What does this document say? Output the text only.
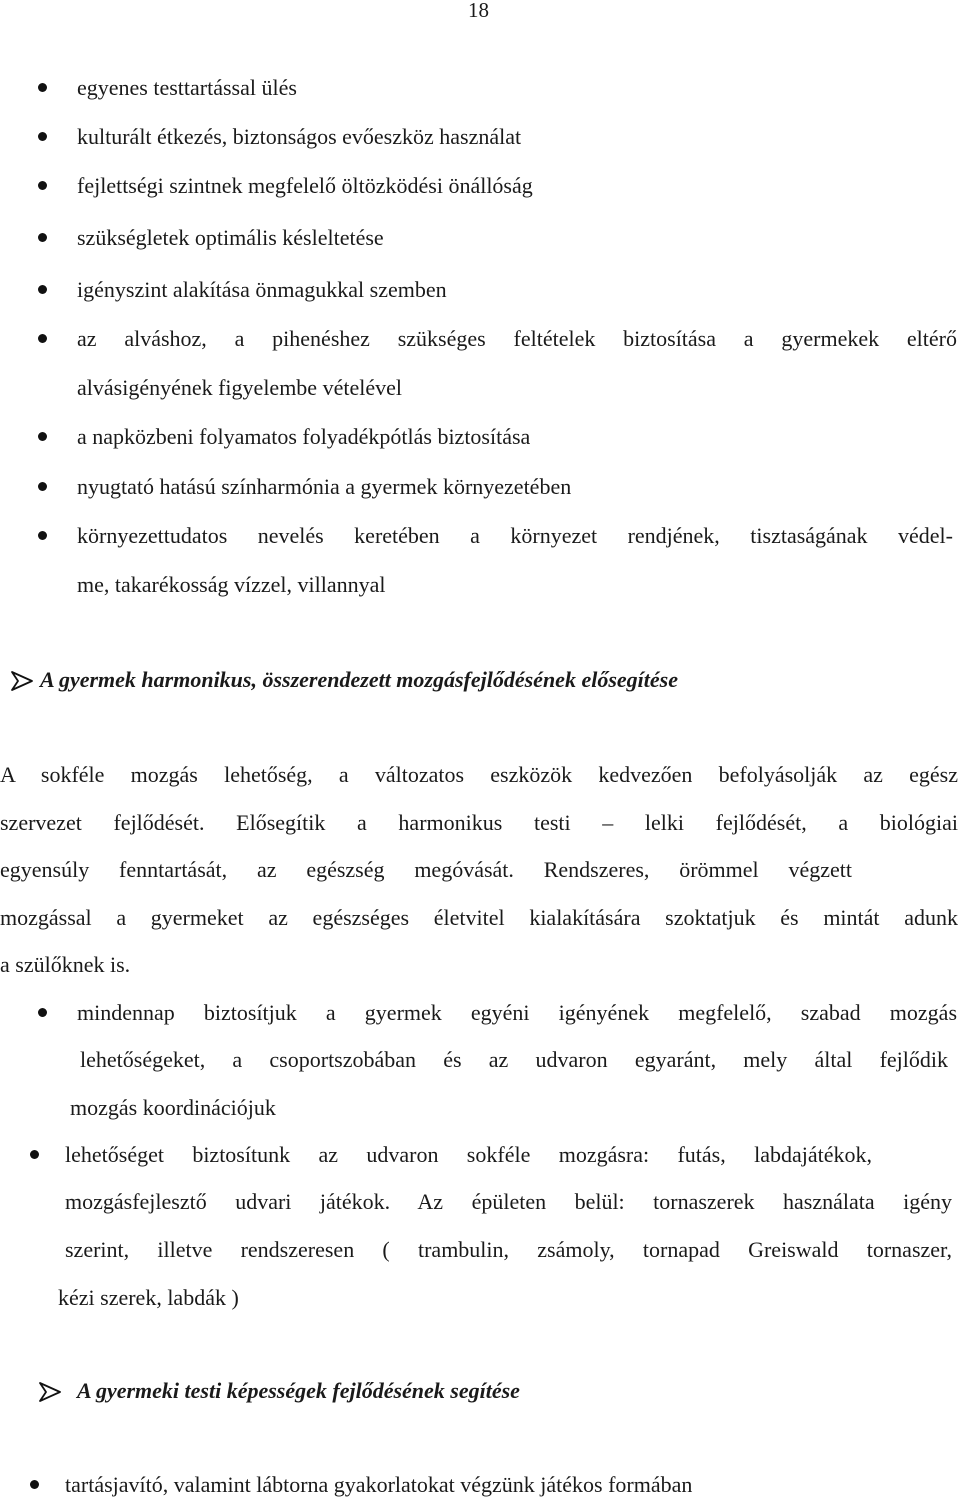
18
egyenes testtartással ülés
kulturált étkezés, biztonságos evőeszköz használat
fejlettségi szintnek megfelelő öltözködési önállóság
szükségletek optimális késleltetése
igényszint alakítása önmagukkal szemben
az alváshoz, a pihenéshez szükséges feltételek biztosítása a gyermekek eltérő
alvásigényének figyelembe vételével
a napközbeni folyamatos folyadékpótlás biztosítása
nyugtató hatású színharmónia a gyermek környezetében
környezettudatos nevelés keretében a környezet rendjének, tisztaságának védel-
me, takarékosság vízzel, villannyal
A gyermek harmonikus, összerendezett mozgásfejlődésének elősegítése
A sokféle mozgás lehetőség, a változatos eszközök kedvezően befolyásolják az egész
szervezet fejlődését. Elősegítik a harmonikus testi – lelki fejlődését, a biológiai
egyensúly fenntartását, az egészség megóvását. Rendszeres, örömmel végzett
mozgással a gyermeket az egészséges életvitel kialakítására szoktatjuk és mintát adunk
a szülőknek is.
mindennap biztosítjuk a gyermek egyéni igényének megfelelő, szabad mozgás
lehetőségeket, a csoportszobában és az udvaron egyaránt, mely által fejlődik
mozgás koordinációjuk
lehetőséget biztosítunk az udvaron sokféle mozgásra: futás, labdajátékok,
mozgásfejlesztő udvari játékok. Az épületen belül: tornaszerek használata igény
szerint, illetve rendszeresen ( trambulin, zsámoly, tornapad Greiswald tornaszer,
kézi szerek, labdák )
A gyermeki testi képességek fejlődésének segítése
tartásjavító, valamint lábtorna gyakorlatokat végzünk játékos formában
